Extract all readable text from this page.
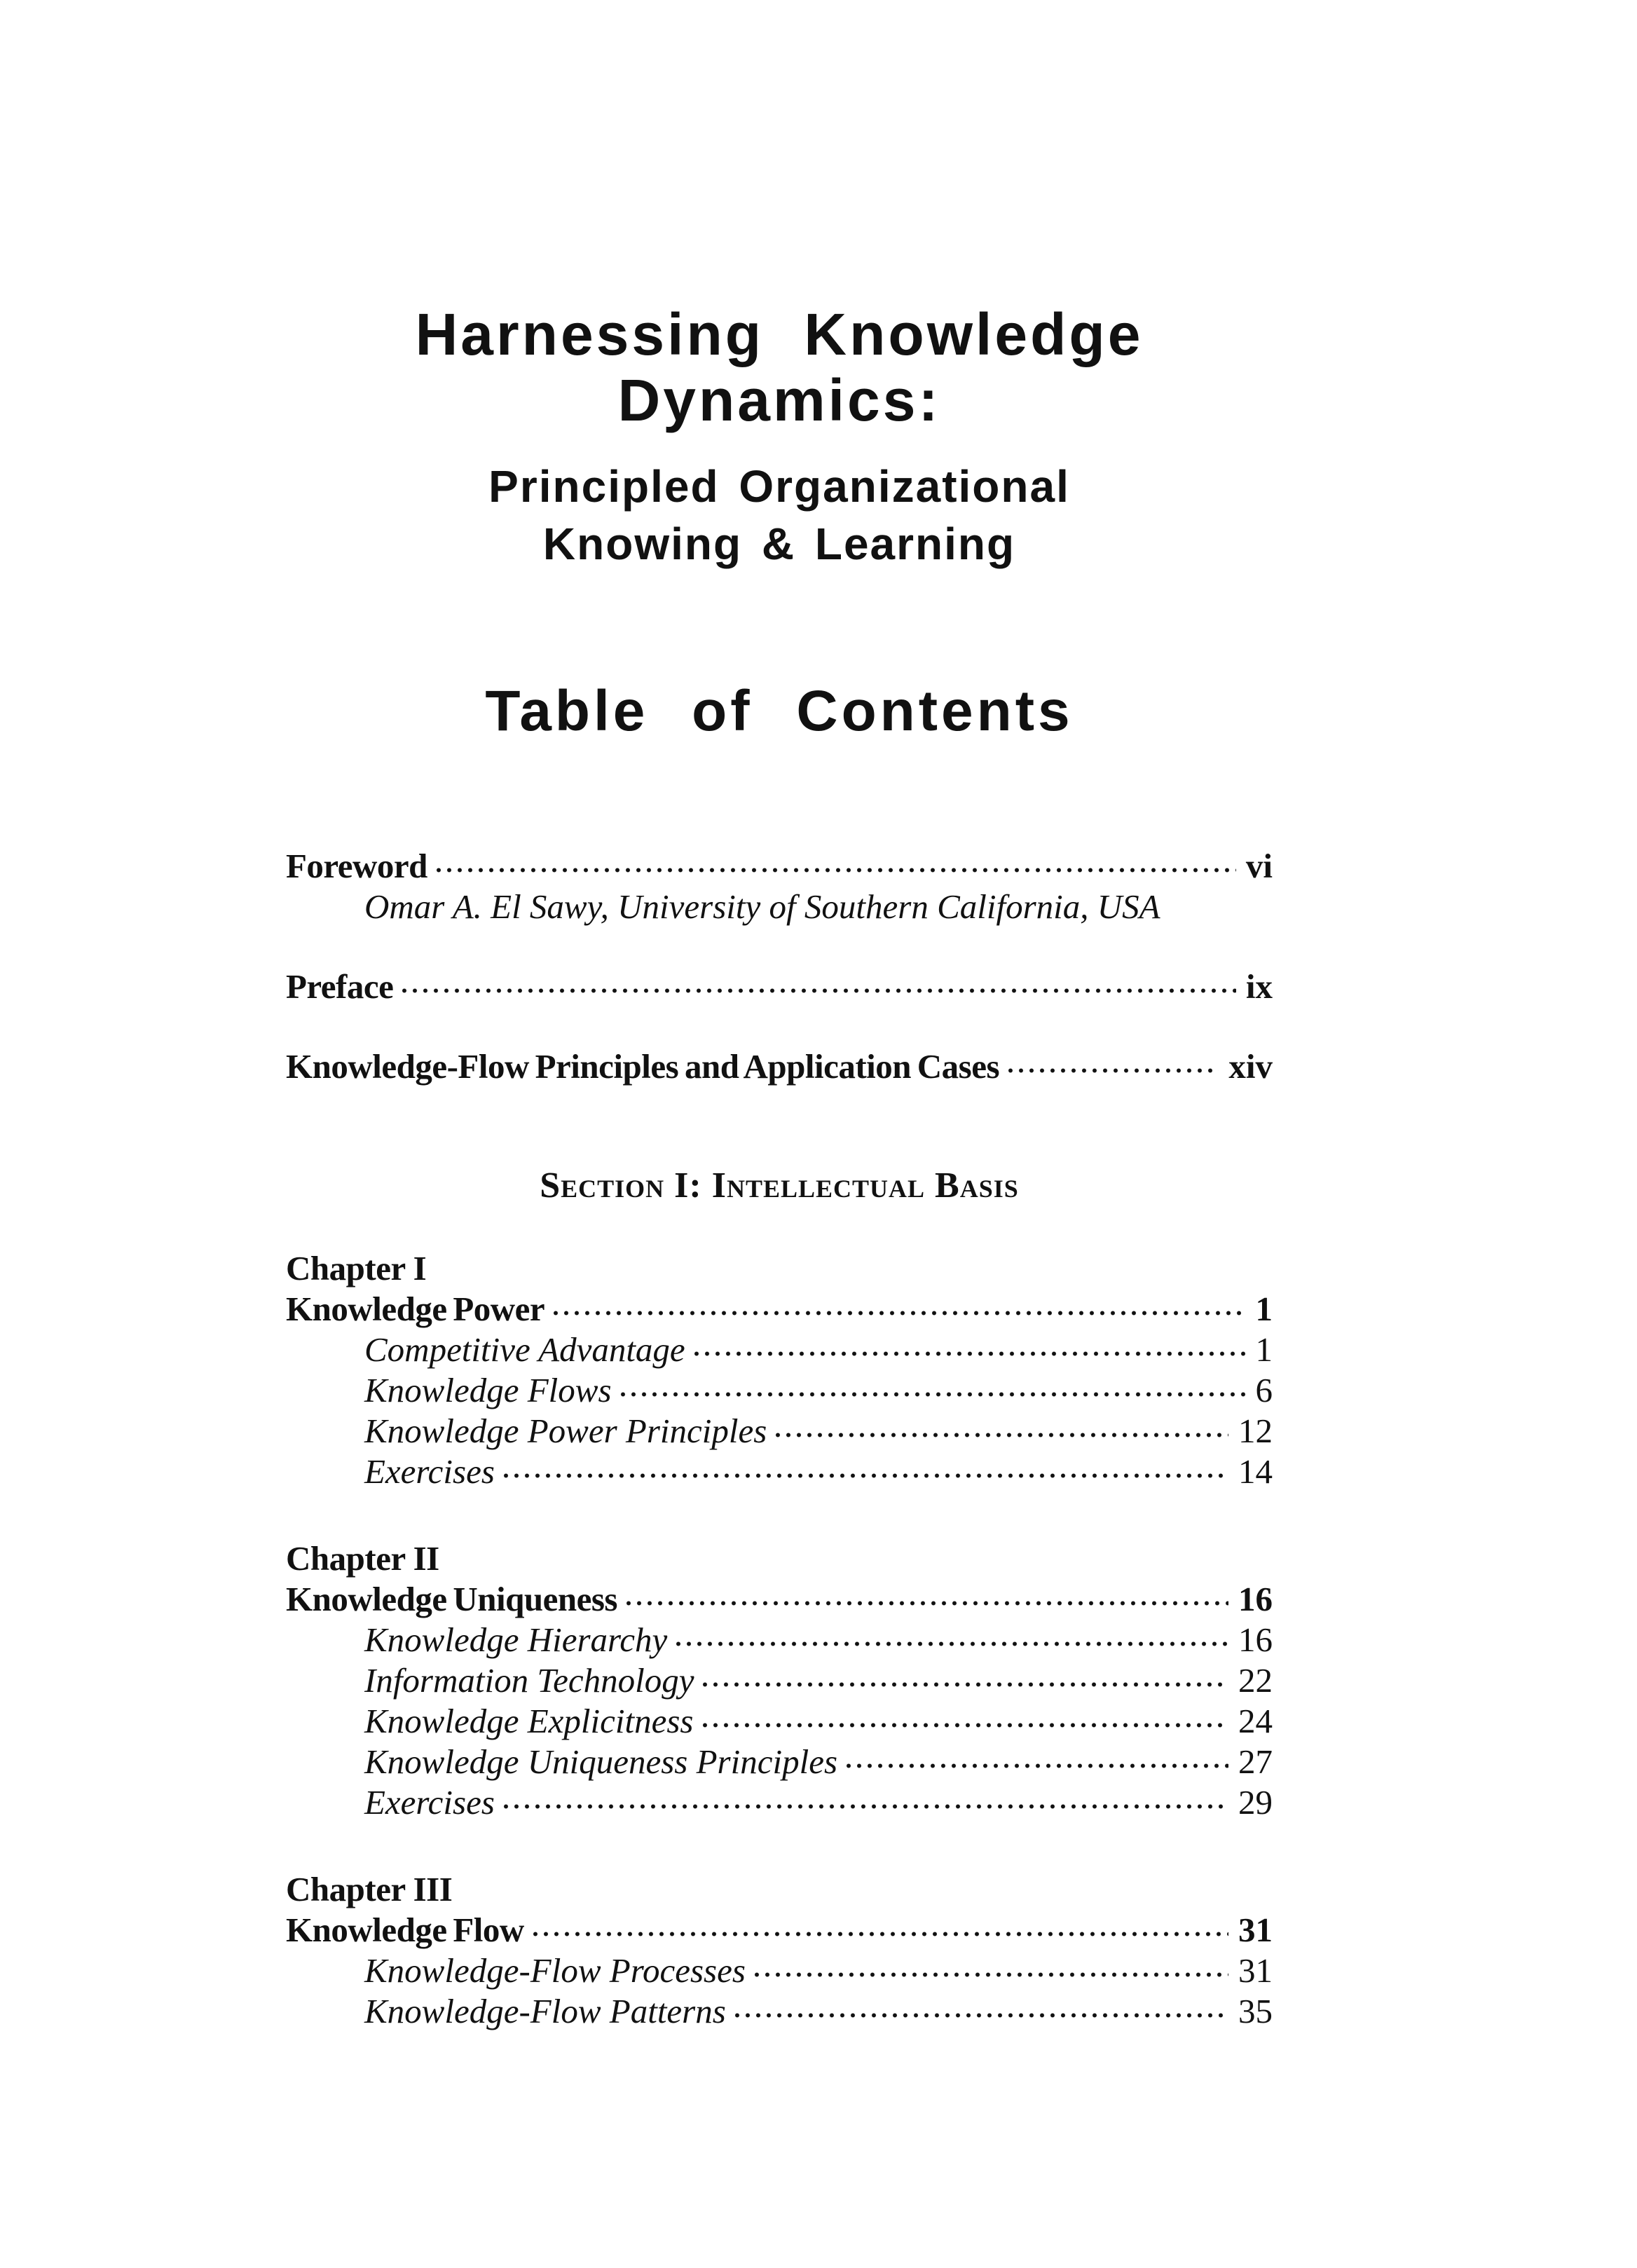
Harnessing Knowledge
Dynamics:
Principled Organizational
Knowing & Learning
Table of Contents
Foreword	vi
Omar A. El Sawy, University of Southern California, USA
Preface	ix
Knowledge-Flow Principles and Application Cases	xiv
Section I: Intellectual Basis
Chapter I
Knowledge Power	1
Competitive Advantage	1
Knowledge Flows	6
Knowledge Power Principles	12
Exercises	14
Chapter II
Knowledge Uniqueness	16
Knowledge Hierarchy	16
Information Technology	22
Knowledge Explicitness	24
Knowledge Uniqueness Principles	27
Exercises	29
Chapter III
Knowledge Flow	31
Knowledge-Flow Processes	31
Knowledge-Flow Patterns	35
